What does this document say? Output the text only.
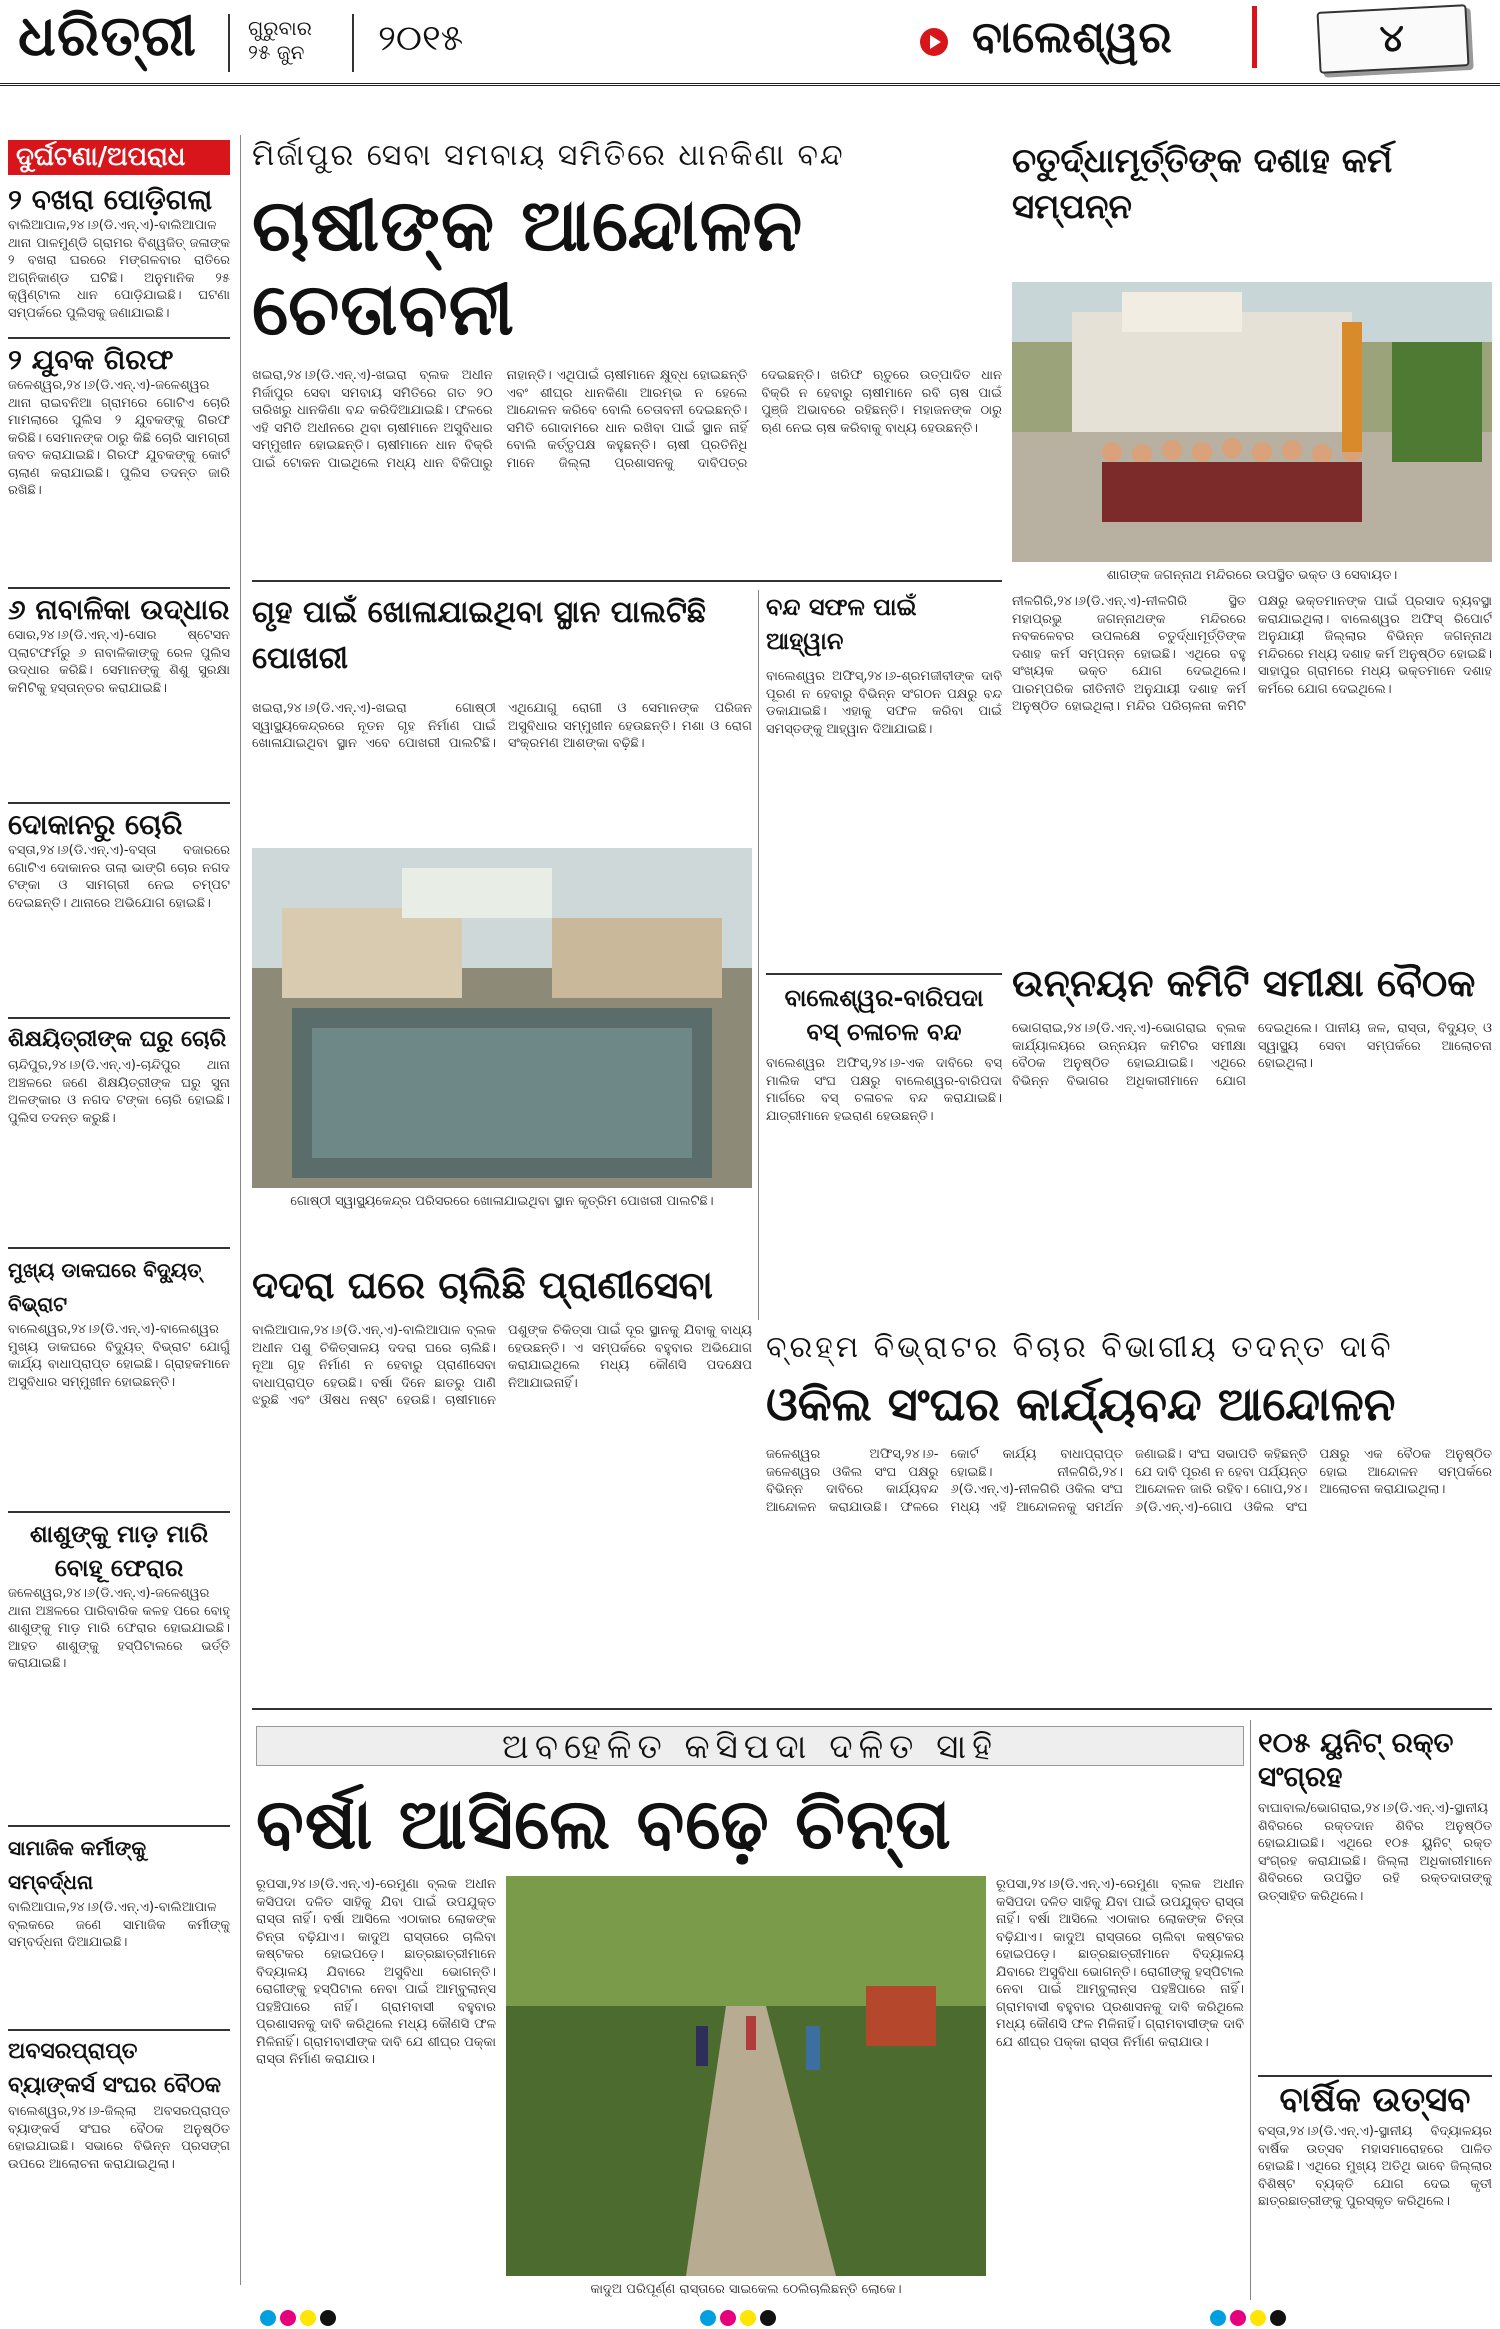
ଧରିତ୍ରୀ	ଗୁରୁବାର
୨୫ ଜୁନ ୨୦୧୫	ବାଲେଶ୍ୱର	୪
ଦୁର୍ଘଟଣା/ଅପରାଧ
୨ ବଖରା ପୋଡ଼ିଗଲା
ବାଲିଆପାଳ,୨୪।୬(ଡି.ଏନ୍.ଏ)-ବାଲିଆପାଳ ଥାନା ପାଳମୁଣ୍ଡି ଗ୍ରାମର ବିଶ୍ୱଜିତ୍ ଜଳାଙ୍କ ୨ ବଖରା ଘରରେ ମଙ୍ଗଳବାର ରାତିରେ ଅଗ୍ନିକାଣ୍ଡ ଘଟିଛି। ଅନୁମାନିକ ୨୫ କ୍ୱିଣ୍ଟାଲ ଧାନ ପୋଡ଼ିଯାଇଛି। ଘଟଣା ସମ୍ପର୍କରେ ପୁଲିସକୁ ଜଣାଯାଇଛି।
୨ ଯୁବକ ଗିରଫ
ଜଳେଶ୍ୱର,୨୪।୬(ଡି.ଏନ୍.ଏ)-ଜଳେଶ୍ୱର ଥାନା ରାଇବନିଆ ଗ୍ରାମରେ ଗୋଟିଏ ଚୋରି ମାମଲାରେ ପୁଲିସ ୨ ଯୁବକଙ୍କୁ ଗିରଫ କରିଛି। ସେମାନଙ୍କ ଠାରୁ କିଛି ଚୋରି ସାମଗ୍ରୀ ଜବତ କରାଯାଇଛି। ଗିରଫ ଯୁବକଙ୍କୁ କୋର୍ଟ ଚାଲାଣ କରାଯାଇଛି। ପୁଲିସ ତଦନ୍ତ ଜାରି ରଖିଛି।
୬ ନାବାଳିକା ଉଦ୍ଧାର
ସୋର,୨୪।୬(ଡି.ଏନ୍.ଏ)-ସୋର ଷ୍ଟେସନ ପ୍ଲାଟଫର୍ମରୁ ୬ ନାବାଳିକାଙ୍କୁ ରେଳ ପୁଲିସ ଉଦ୍ଧାର କରିଛି। ସେମାନଙ୍କୁ ଶିଶୁ ସୁରକ୍ଷା କମିଟିକୁ ହସ୍ତାନ୍ତର କରାଯାଇଛି।
ଦୋକାନରୁ ଚୋରି
ବସ୍ତା,୨୪।୬(ଡି.ଏନ୍.ଏ)-ବସ୍ତା ବଜାରରେ ଗୋଟିଏ ଦୋକାନର ତାଲା ଭାଙ୍ଗି ଚୋର ନଗଦ ଟଙ୍କା ଓ ସାମଗ୍ରୀ ନେଇ ଚମ୍ପଟ ଦେଇଛନ୍ତି। ଥାନାରେ ଅଭିଯୋଗ ହୋଇଛି।
ଶିକ୍ଷୟିତ୍ରୀଙ୍କ ଘରୁ ଚୋରି
ଚାନ୍ଦିପୁର,୨୪।୬(ଡି.ଏନ୍.ଏ)-ଚାନ୍ଦିପୁର ଥାନା ଅଞ୍ଚଳରେ ଜଣେ ଶିକ୍ଷୟିତ୍ରୀଙ୍କ ଘରୁ ସୁନା ଅଳଙ୍କାର ଓ ନଗଦ ଟଙ୍କା ଚୋରି ହୋଇଛି। ପୁଲିସ ତଦନ୍ତ କରୁଛି।
ମୁଖ୍ୟ ଡାକଘରେ ବିଦ୍ୟୁତ୍ ବିଭ୍ରାଟ
ବାଲେଶ୍ୱର,୨୪।୬(ଡି.ଏନ୍.ଏ)-ବାଲେଶ୍ୱର ମୁଖ୍ୟ ଡାକଘରେ ବିଦ୍ୟୁତ୍ ବିଭ୍ରାଟ ଯୋଗୁଁ କାର୍ଯ୍ୟ ବାଧାପ୍ରାପ୍ତ ହୋଇଛି। ଗ୍ରାହକମାନେ ଅସୁବିଧାର ସମ୍ମୁଖୀନ ହୋଇଛନ୍ତି।
ଶାଶୁଙ୍କୁ ମାଡ଼ ମାରି ବୋହୂ ଫେରାର
ଜଳେଶ୍ୱର,୨୪।୬(ଡି.ଏନ୍.ଏ)-ଜଳେଶ୍ୱର ଥାନା ଅଞ୍ଚଳରେ ପାରିବାରିକ କଳହ ପରେ ବୋହୂ ଶାଶୁଙ୍କୁ ମାଡ଼ ମାରି ଫେରାର ହୋଇଯାଇଛି। ଆହତ ଶାଶୁଙ୍କୁ ହସ୍ପିଟାଲରେ ଭର୍ତ୍ତି କରାଯାଇଛି।
ସାମାଜିକ କର୍ମୀଙ୍କୁ ସମ୍ବର୍ଦ୍ଧନା
ବାଲିଆପାଳ,୨୪।୬(ଡି.ଏନ୍.ଏ)-ବାଲିଆପାଳ ବ୍ଲକରେ ଜଣେ ସାମାଜିକ କର୍ମୀଙ୍କୁ ସମ୍ବର୍ଦ୍ଧନା ଦିଆଯାଇଛି।
ଅବସରପ୍ରାପ୍ତ ବ୍ୟାଙ୍କର୍ସ ସଂଘର ବୈଠକ
ବାଲେଶ୍ୱର,୨୪।୬-ଜିଲ୍ଲା ଅବସରପ୍ରାପ୍ତ ବ୍ୟାଙ୍କର୍ସ ସଂଘର ବୈଠକ ଅନୁଷ୍ଠିତ ହୋଇଯାଇଛି। ସଭାରେ ବିଭିନ୍ନ ପ୍ରସଙ୍ଗ ଉପରେ ଆଲୋଚନା କରାଯାଇଥିଲା।
ମିର୍ଜାପୁର ସେବା ସମବାୟ ସମିତିରେ ଧାନକିଣା ବନ୍ଦ
ଚାଷୀଙ୍କ ଆନ୍ଦୋଳନ ଚେତାବନୀ
ଖଇରା,୨୪।୬(ଡି.ଏନ୍.ଏ)-ଖଇରା ବ୍ଲକ ଅଧୀନ ମିର୍ଜାପୁର ସେବା ସମବାୟ ସମିତିରେ ଗତ ୨୦ ତାରିଖରୁ ଧାନକିଣା ବନ୍ଦ କରିଦିଆଯାଇଛି। ଫଳରେ ଏହି ସମିତି ଅଧୀନରେ ଥିବା ଚାଷୀମାନେ ଅସୁବିଧାର ସମ୍ମୁଖୀନ ହୋଇଛନ୍ତି। ଚାଷୀମାନେ ଧାନ ବିକ୍ରି ପାଇଁ ଟୋକନ ପାଇଥିଲେ ମଧ୍ୟ ଧାନ ବିକିପାରୁ ନାହାନ୍ତି। ଏଥିପାଇଁ ଚାଷୀମାନେ କ୍ଷୁବ୍ଧ ହୋଇଛନ୍ତି ଏବଂ ଶୀଘ୍ର ଧାନକିଣା ଆରମ୍ଭ ନ ହେଲେ ଆନ୍ଦୋଳନ କରିବେ ବୋଲି ଚେତାବନୀ ଦେଇଛନ୍ତି। ସମିତି ଗୋଦାମରେ ଧାନ ରଖିବା ପାଇଁ ସ୍ଥାନ ନାହିଁ ବୋଲି କର୍ତ୍ତୃପକ୍ଷ କହୁଛନ୍ତି। ଚାଷୀ ପ୍ରତିନିଧି ମାନେ ଜିଲ୍ଲା ପ୍ରଶାସନକୁ ଦାବିପତ୍ର ଦେଇଛନ୍ତି। ଖରିଫ ଋତୁରେ ଉତ୍ପାଦିତ ଧାନ ବିକ୍ରି ନ ହେବାରୁ ଚାଷୀମାନେ ରବି ଚାଷ ପାଇଁ ପୁଞ୍ଜି ଅଭାବରେ ରହିଛନ୍ତି। ମହାଜନଙ୍କ ଠାରୁ ଋଣ ନେଇ ଚାଷ କରିବାକୁ ବାଧ୍ୟ ହେଉଛନ୍ତି।
ଚତୁର୍ଦ୍ଧାମୂର୍ତ୍ତିଙ୍କ ଦଶାହ କର୍ମ ସମ୍ପନ୍ନ
ଶାଗଙ୍କ ଜଗନ୍ନାଥ ମନ୍ଦିରରେ ଉପସ୍ଥିତ ଭକ୍ତ ଓ ସେବାୟତ।
ନୀଳଗିରି,୨୪।୬(ଡି.ଏନ୍.ଏ)-ନୀଳଗିରି ସ୍ଥିତ ମହାପ୍ରଭୁ ଜଗନ୍ନାଥଙ୍କ ମନ୍ଦିରରେ ନବକଳେବର ଉପଲକ୍ଷେ ଚତୁର୍ଦ୍ଧାମୂର୍ତ୍ତିଙ୍କ ଦଶାହ କର୍ମ ସମ୍ପନ୍ନ ହୋଇଛି। ଏଥିରେ ବହୁ ସଂଖ୍ୟକ ଭକ୍ତ ଯୋଗ ଦେଇଥିଲେ। ପାରମ୍ପରିକ ରୀତିନୀତି ଅନୁଯାୟୀ ଦଶାହ କର୍ମ ଅନୁଷ୍ଠିତ ହୋଇଥିଲା। ମନ୍ଦିର ପରିଚାଳନା କମିଟି ପକ୍ଷରୁ ଭକ୍ତମାନଙ୍କ ପାଇଁ ପ୍ରସାଦ ବ୍ୟବସ୍ଥା କରାଯାଇଥିଲା। ବାଲେଶ୍ୱର ଅଫିସ୍ ରିପୋର୍ଟ ଅନୁଯାୟୀ ଜିଲ୍ଲାର ବିଭିନ୍ନ ଜଗନ୍ନାଥ ମନ୍ଦିରରେ ମଧ୍ୟ ଦଶାହ କର୍ମ ଅନୁଷ୍ଠିତ ହୋଇଛି। ସାହାପୁର ଗ୍ରାମରେ ମଧ୍ୟ ଭକ୍ତମାନେ ଦଶାହ କର୍ମରେ ଯୋଗ ଦେଇଥିଲେ।
ଗୃହ ପାଇଁ ଖୋଳାଯାଇଥିବା ସ୍ଥାନ ପାଲଟିଛି ପୋଖରୀ
ଖଇରା,୨୪।୬(ଡି.ଏନ୍.ଏ)-ଖଇରା ଗୋଷ୍ଠୀ ସ୍ୱାସ୍ଥ୍ୟକେନ୍ଦ୍ରରେ ନୂତନ ଗୃହ ନିର୍ମାଣ ପାଇଁ ଖୋଳାଯାଇଥିବା ସ୍ଥାନ ଏବେ ପୋଖରୀ ପାଲଟିଛି। ଏଥିଯୋଗୁ ରୋଗୀ ଓ ସେମାନଙ୍କ ପରିଜନ ଅସୁବିଧାର ସମ୍ମୁଖୀନ ହେଉଛନ୍ତି। ମଶା ଓ ରୋଗ ସଂକ୍ରମଣ ଆଶଙ୍କା ବଢ଼ିଛି।
ଗୋଷ୍ଠୀ ସ୍ୱାସ୍ଥ୍ୟକେନ୍ଦ୍ର ପରିସରରେ ଖୋଳାଯାଇଥିବା ସ୍ଥାନ କୃତ୍ରିମ ପୋଖରୀ ପାଲଟିଛି।
ବନ୍ଦ ସଫଳ ପାଇଁ ଆହ୍ୱାନ
ବାଲେଶ୍ୱର ଅଫିସ୍,୨୪।୬-ଶ୍ରମଜୀବୀଙ୍କ ଦାବି ପୂରଣ ନ ହେବାରୁ ବିଭିନ୍ନ ସଂଗଠନ ପକ୍ଷରୁ ବନ୍ଦ ଡକାଯାଇଛି। ଏହାକୁ ସଫଳ କରିବା ପାଇଁ ସମସ୍ତଙ୍କୁ ଆହ୍ୱାନ ଦିଆଯାଇଛି।
ବାଲେଶ୍ୱର-ବାରିପଦା ବସ୍ ଚଳାଚଳ ବନ୍ଦ
ବାଲେଶ୍ୱର ଅଫିସ୍,୨୪।୬-ଏକ ଦାବିରେ ବସ୍ ମାଲିକ ସଂଘ ପକ୍ଷରୁ ବାଲେଶ୍ୱର-ବାରିପଦା ମାର୍ଗରେ ବସ୍ ଚଳାଚଳ ବନ୍ଦ କରାଯାଇଛି। ଯାତ୍ରୀମାନେ ହଇରାଣ ହେଉଛନ୍ତି।
ଉନ୍ନୟନ କମିଟି ସମୀକ୍ଷା ବୈଠକ
ଭୋଗରାଇ,୨୪।୬(ଡି.ଏନ୍.ଏ)-ଭୋଗରାଇ ବ୍ଲକ କାର୍ଯ୍ୟାଳୟରେ ଉନ୍ନୟନ କମିଟିର ସମୀକ୍ଷା ବୈଠକ ଅନୁଷ୍ଠିତ ହୋଇଯାଇଛି। ଏଥିରେ ବିଭିନ୍ନ ବିଭାଗର ଅଧିକାରୀମାନେ ଯୋଗ ଦେଇଥିଲେ। ପାନୀୟ ଜଳ, ରାସ୍ତା, ବିଦ୍ୟୁତ୍ ଓ ସ୍ୱାସ୍ଥ୍ୟ ସେବା ସମ୍ପର୍କରେ ଆଲୋଚନା ହୋଇଥିଲା।
ଦଦରା ଘରେ ଚାଲିଛି ପ୍ରାଣୀସେବା
ବାଲିଆପାଳ,୨୪।୬(ଡି.ଏନ୍.ଏ)-ବାଲିଆପାଳ ବ୍ଲକ ଅଧୀନ ପଶୁ ଚିକିତ୍ସାଳୟ ଦଦରା ଘରେ ଚାଲିଛି। ନୂଆ ଗୃହ ନିର୍ମାଣ ନ ହେବାରୁ ପ୍ରାଣୀସେବା ବାଧାପ୍ରାପ୍ତ ହେଉଛି। ବର୍ଷା ଦିନେ ଛାତରୁ ପାଣି ଝରୁଛି ଏବଂ ଔଷଧ ନଷ୍ଟ ହେଉଛି। ଚାଷୀମାନେ ପଶୁଙ୍କ ଚିକିତ୍ସା ପାଇଁ ଦୂର ସ୍ଥାନକୁ ଯିବାକୁ ବାଧ୍ୟ ହେଉଛନ୍ତି। ଏ ସମ୍ପର୍କରେ ବହୁବାର ଅଭିଯୋଗ କରାଯାଇଥିଲେ ମଧ୍ୟ କୌଣସି ପଦକ୍ଷେପ ନିଆଯାଇନାହିଁ।
ବ୍ରହ୍ମ ବିଭ୍ରାଟର ବିଚାର ବିଭାଗୀୟ ତଦନ୍ତ ଦାବି
ଓକିଲ ସଂଘର କାର୍ଯ୍ୟବନ୍ଦ ଆନ୍ଦୋଳନ
ଜଳେଶ୍ୱର ଅଫିସ୍,୨୪।୬-ଜଳେଶ୍ୱର ଓକିଲ ସଂଘ ପକ୍ଷରୁ ବିଭିନ୍ନ ଦାବିରେ କାର୍ଯ୍ୟବନ୍ଦ ଆନ୍ଦୋଳନ କରାଯାଉଛି। ଫଳରେ କୋର୍ଟ କାର୍ଯ୍ୟ ବାଧାପ୍ରାପ୍ତ ହୋଇଛି। ନୀଳଗିରି,୨୪।୬(ଡି.ଏନ୍.ଏ)-ନୀଳଗିରି ଓକିଲ ସଂଘ ମଧ୍ୟ ଏହି ଆନ୍ଦୋଳନକୁ ସମର୍ଥନ ଜଣାଇଛି। ସଂଘ ସଭାପତି କହିଛନ୍ତି ଯେ ଦାବି ପୂରଣ ନ ହେବା ପର୍ଯ୍ୟନ୍ତ ଆନ୍ଦୋଳନ ଜାରି ରହିବ। ଗୋପ,୨୪।୬(ଡି.ଏନ୍.ଏ)-ଗୋପ ଓକିଲ ସଂଘ ପକ୍ଷରୁ ଏକ ବୈଠକ ଅନୁଷ୍ଠିତ ହୋଇ ଆନ୍ଦୋଳନ ସମ୍ପର୍କରେ ଆଲୋଚନା କରାଯାଇଥିଲା।
ଅବହେଳିତ କସିପଦା ଦଳିତ ସାହି
ବର୍ଷା ଆସିଲେ ବଢ଼େ ଚିନ୍ତା
ରୂପସା,୨୪।୬(ଡି.ଏନ୍.ଏ)-ରେମୁଣା ବ୍ଲକ ଅଧୀନ କସିପଦା ଦଳିତ ସାହିକୁ ଯିବା ପାଇଁ ଉପଯୁକ୍ତ ରାସ୍ତା ନାହିଁ। ବର୍ଷା ଆସିଲେ ଏଠାକାର ଲୋକଙ୍କ ଚିନ୍ତା ବଢ଼ିଯାଏ। କାଦୁଅ ରାସ୍ତାରେ ଚାଲିବା କଷ୍ଟକର ହୋଇପଡ଼େ। ଛାତ୍ରଛାତ୍ରୀମାନେ ବିଦ୍ୟାଳୟ ଯିବାରେ ଅସୁବିଧା ଭୋଗନ୍ତି। ରୋଗୀଙ୍କୁ ହସ୍ପିଟାଲ ନେବା ପାଇଁ ଆମ୍ବୁଲାନ୍ସ ପହଞ୍ଚିପାରେ ନାହିଁ। ଗ୍ରାମବାସୀ ବହୁବାର ପ୍ରଶାସନକୁ ଦାବି କରିଥିଲେ ମଧ୍ୟ କୌଣସି ଫଳ ମିଳିନାହିଁ। ଗ୍ରାମବାସୀଙ୍କ ଦାବି ଯେ ଶୀଘ୍ର ପକ୍କା ରାସ୍ତା ନିର୍ମାଣ କରାଯାଉ।
କାଦୁଅ ପରିପୂର୍ଣ୍ଣ ରାସ୍ତାରେ ସାଇକେଲ ଠେଲିଚାଲିଛନ୍ତି ଲୋକେ।
ରୂପସା,୨୪।୬(ଡି.ଏନ୍.ଏ)-ରେମୁଣା ବ୍ଲକ ଅଧୀନ କସିପଦା ଦଳିତ ସାହିକୁ ଯିବା ପାଇଁ ଉପଯୁକ୍ତ ରାସ୍ତା ନାହିଁ। ବର୍ଷା ଆସିଲେ ଏଠାକାର ଲୋକଙ୍କ ଚିନ୍ତା ବଢ଼ିଯାଏ। କାଦୁଅ ରାସ୍ତାରେ ଚାଲିବା କଷ୍ଟକର ହୋଇପଡ଼େ। ଛାତ୍ରଛାତ୍ରୀମାନେ ବିଦ୍ୟାଳୟ ଯିବାରେ ଅସୁବିଧା ଭୋଗନ୍ତି। ରୋଗୀଙ୍କୁ ହସ୍ପିଟାଲ ନେବା ପାଇଁ ଆମ୍ବୁଲାନ୍ସ ପହଞ୍ଚିପାରେ ନାହିଁ। ଗ୍ରାମବାସୀ ବହୁବାର ପ୍ରଶାସନକୁ ଦାବି କରିଥିଲେ ମଧ୍ୟ କୌଣସି ଫଳ ମିଳିନାହିଁ। ଗ୍ରାମବାସୀଙ୍କ ଦାବି ଯେ ଶୀଘ୍ର ପକ୍କା ରାସ୍ତା ନିର୍ମାଣ କରାଯାଉ।
୧୦୫ ୟୁନିଟ୍ ରକ୍ତ ସଂଗ୍ରହ
ବାଘାବାଲ/ଭୋଗରାଇ,୨୪।୬(ଡି.ଏନ୍.ଏ)-ସ୍ଥାନୀୟ ଶିବିରରେ ରକ୍ତଦାନ ଶିବିର ଅନୁଷ୍ଠିତ ହୋଇଯାଇଛି। ଏଥିରେ ୧୦୫ ୟୁନିଟ୍ ରକ୍ତ ସଂଗ୍ରହ କରାଯାଇଛି। ଜିଲ୍ଲା ଅଧିକାରୀମାନେ ଶିବିରରେ ଉପସ୍ଥିତ ରହି ରକ୍ତଦାତାଙ୍କୁ ଉତ୍ସାହିତ କରିଥିଲେ।
ବାର୍ଷିକ ଉତ୍ସବ
ବସ୍ତା,୨୪।୬(ଡି.ଏନ୍.ଏ)-ସ୍ଥାନୀୟ ବିଦ୍ୟାଳୟର ବାର୍ଷିକ ଉତ୍ସବ ମହାସମାରୋହରେ ପାଳିତ ହୋଇଛି। ଏଥିରେ ମୁଖ୍ୟ ଅତିଥି ଭାବେ ଜିଲ୍ଲାର ବିଶିଷ୍ଟ ବ୍ୟକ୍ତି ଯୋଗ ଦେଇ କୃତୀ ଛାତ୍ରଛାତ୍ରୀଙ୍କୁ ପୁରସ୍କୃତ କରିଥିଲେ।
